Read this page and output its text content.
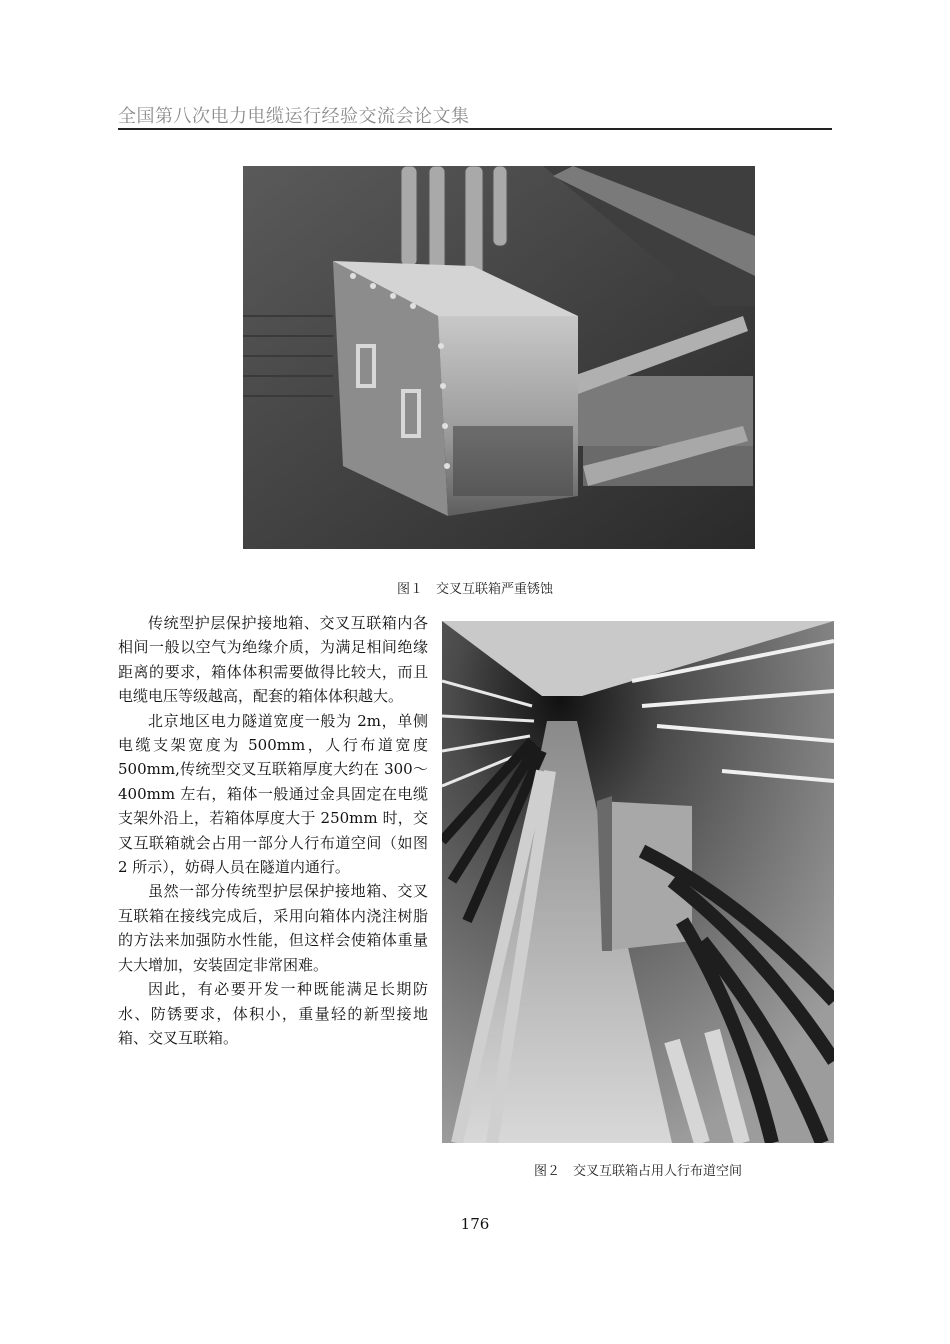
全国第八次电力电缆运行经验交流会论文集
图１　交叉互联箱严重锈蚀

传统型护层保护接地箱、交叉互联箱内各相间一般以空气为绝缘介质，为满足相间绝缘距离的要求，箱体体积需要做得比较大，而且电缆电压等级越高，配套的箱体体积越大。

北京地区电力隧道宽度一般为 2m，单侧电缆支架宽度为 500mm，人行布道宽度 500mm,传统型交叉互联箱厚度大约在 300～400mm 左右，箱体一般通过金具固定在电缆支架外沿上，若箱体厚度大于 250mm 时，交叉互联箱就会占用一部分人行布道空间（如图 2 所示），妨碍人员在隧道内通行。

虽然一部分传统型护层保护接地箱、交叉互联箱在接线完成后，采用向箱体内浇注树脂的方法来加强防水性能，但这样会使箱体重量大大增加，安装固定非常困难。

因此，有必要开发一种既能满足长期防水、防锈要求，体积小，重量轻的新型接地箱、交叉互联箱。

图２　交叉互联箱占用人行布道空间
176
